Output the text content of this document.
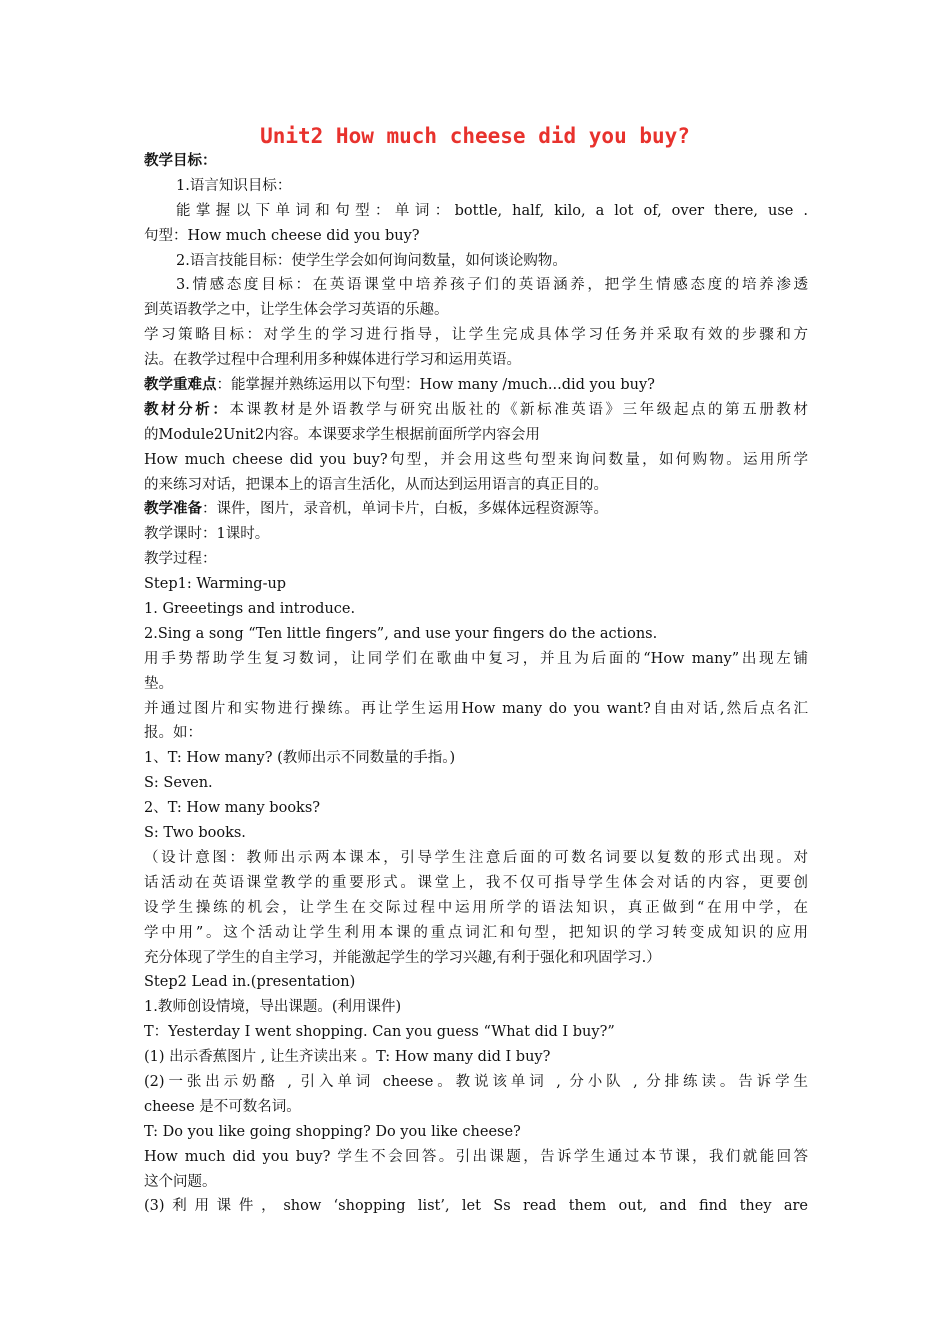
Unit2 How much cheese did you buy?
教学目标：
1.语言知识目标：
能掌握以下单词和句型：单词：bottle, half, kilo, a lot of, over there, use .
句型：How much cheese did you buy?
2.语言技能目标：使学生学会如何询问数量，如何谈论购物。
3.情感态度目标：在英语课堂中培养孩子们的英语涵养，把学生情感态度的培养渗透
到英语教学之中，让学生体会学习英语的乐趣。
学习策略目标：对学生的学习进行指导，让学生完成具体学习任务并采取有效的步骤和方
法。在教学过程中合理利用多种媒体进行学习和运用英语。
教学重难点：能掌握并熟练运用以下句型：How many /much...did you buy?
教材分析：本课教材是外语教学与研究出版社的《新标准英语》三年级起点的第五册教材
的Module2Unit2内容。本课要求学生根据前面所学内容会用
How much cheese did you buy?句型，并会用这些句型来询问数量，如何购物。运用所学
的来练习对话，把课本上的语言生活化，从而达到运用语言的真正目的。
教学准备：课件，图片，录音机，单词卡片，白板，多媒体远程资源等。
教学课时：1课时。
教学过程：
Step1: Warming-up
1. Greeetings and introduce.
2.Sing a song “Ten little fingers”, and use your fingers do the actions.
用手势帮助学生复习数词，让同学们在歌曲中复习，并且为后面的“How many”出现左铺
垫。
并通过图片和实物进行操练。再让学生运用How many do you want?自由对话,然后点名汇
报。如：
1、T: How many? (教师出示不同数量的手指。)
S: Seven.
2、T: How many books?
S: Two books.
（设计意图：教师出示两本课本，引导学生注意后面的可数名词要以复数的形式出现。对
话活动在英语课堂教学的重要形式。课堂上，我不仅可指导学生体会对话的内容，更要创
设学生操练的机会，让学生在交际过程中运用所学的语法知识，真正做到“在用中学，在
学中用”。这个活动让学生利用本课的重点词汇和句型，把知识的学习转变成知识的应用
充分体现了学生的自主学习，并能激起学生的学习兴趣,有利于强化和巩固学习.）
Step2 Lead in.(presentation)
1.教师创设情境，导出课题。(利用课件)
T：Yesterday I went shopping. Can you guess “What did I buy?”
(1) 出示香蕉图片 , 让生齐读出来 。T: How many did I buy?
(2)一张出示奶酪 , 引入单词 cheese。教说该单词 , 分小队 , 分排练读。告诉学生
cheese 是不可数名词。
T: Do you like going shopping? Do you like cheese?
How much did you buy? 学生不会回答。引出课题，告诉学生通过本节课，我们就能回答
这个问题。
(3)利用课件，show ‘shopping list’, let Ss read them out, and find they are
